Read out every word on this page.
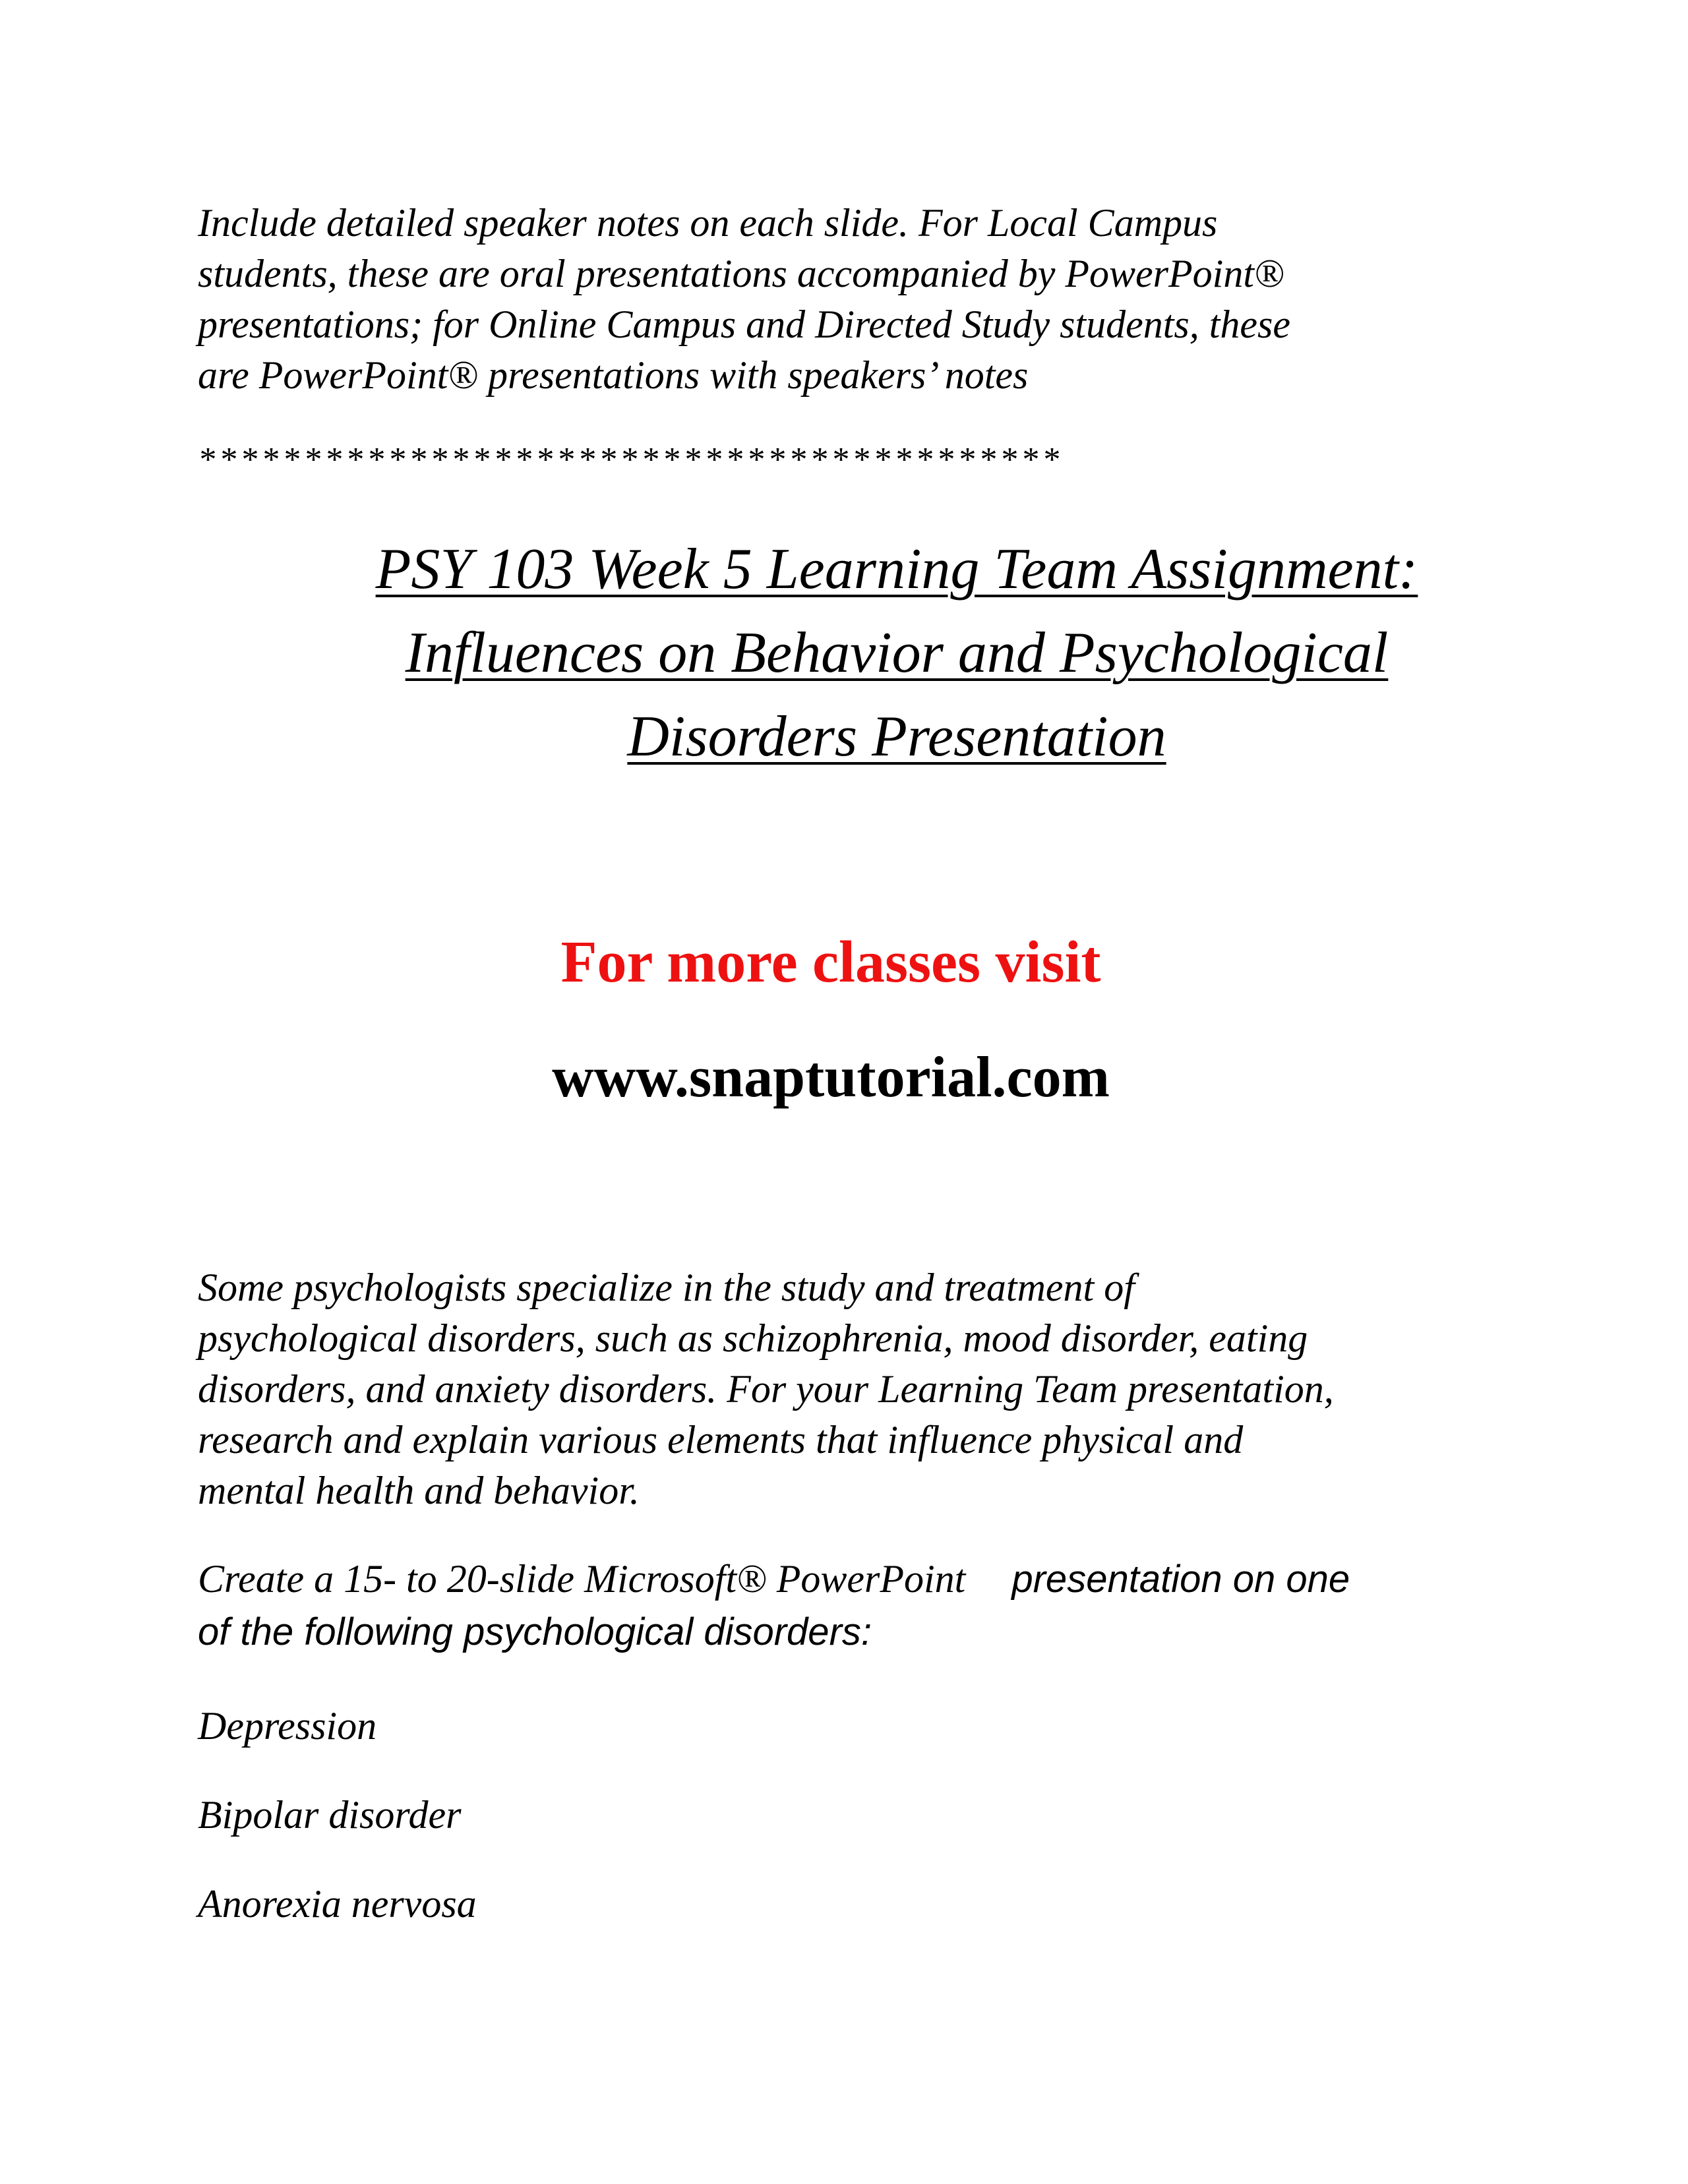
Include detailed speaker notes on each slide. For Local Campus
students, these are oral presentations accompanied by PowerPoint®
presentations; for Online Campus and Directed Study students, these
are PowerPoint® presentations with speakers’ notes
*****************************************
PSY 103 Week 5 Learning Team Assignment:
Influences on Behavior and Psychological
Disorders Presentation

For more classes visit

www.snaptutorial.com

Some psychologists specialize in the study and treatment of
psychological disorders, such as schizophrenia, mood disorder, eating
disorders, and anxiety disorders. For your Learning Team presentation,
research and explain various elements that influence physical and
mental health and behavior.
Create a 15- to 20-slide Microsoft® PowerPoint presentation on one
of the following psychological disorders:

Depression

Bipolar disorder

Anorexia nervosa
